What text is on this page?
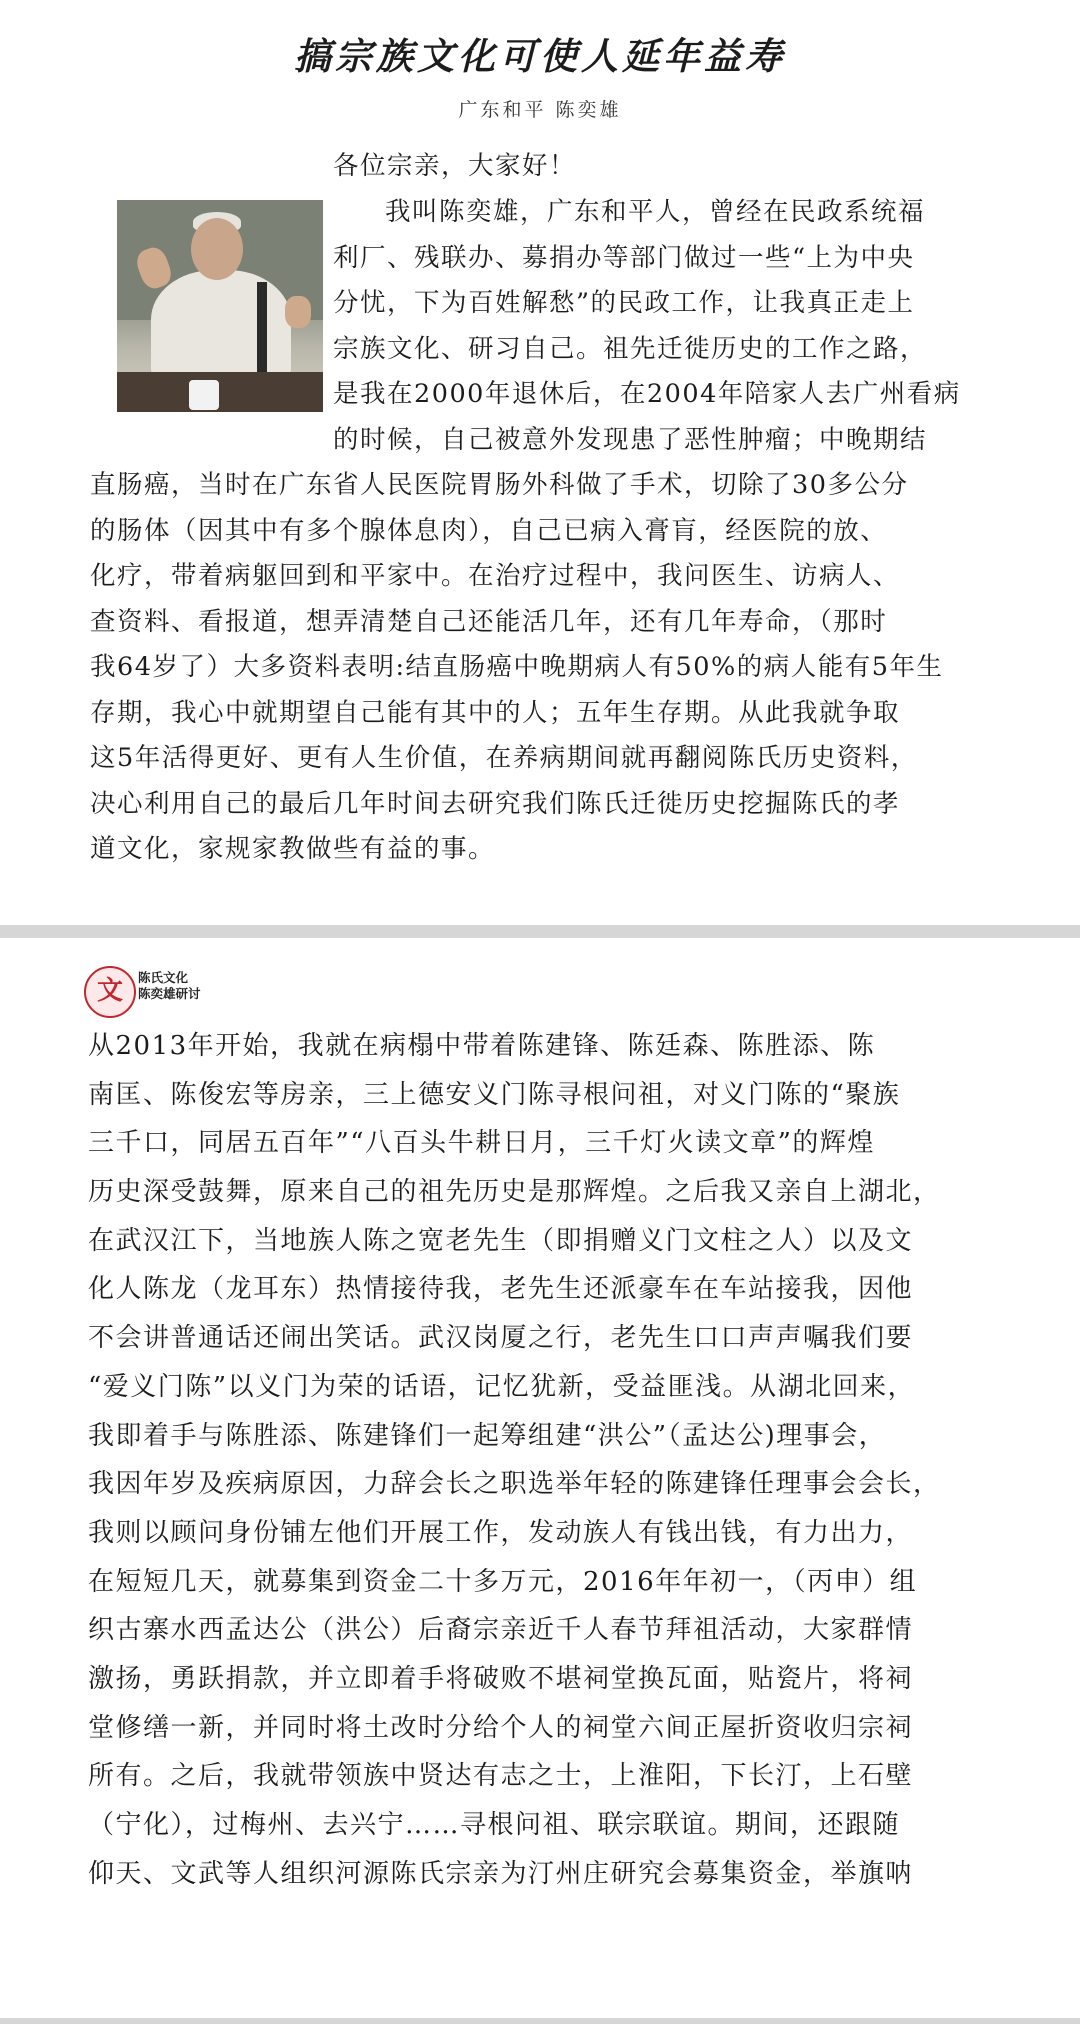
搞宗族文化可使人延年益寿
广东和平 陈奕雄
各位宗亲，大家好！
我叫陈奕雄，广东和平人，曾经在民政系统福
利厂、残联办、募捐办等部门做过一些“上为中央
分忧，下为百姓解愁”的民政工作，让我真正走上
宗族文化、研习自己。祖先迁徙历史的工作之路，
是我在2000年退休后，在2004年陪家人去广州看病
的时候，自己被意外发现患了恶性肿瘤；中晚期结
直肠癌，当时在广东省人民医院胃肠外科做了手术，切除了30多公分
的肠体（因其中有多个腺体息肉），自己已病入膏肓，经医院的放、
化疗，带着病躯回到和平家中。在治疗过程中，我问医生、访病人、
查资料、看报道，想弄清楚自己还能活几年，还有几年寿命，（那时
我64岁了）大多资料表明:结直肠癌中晚期病人有50%的病人能有5年生
存期，我心中就期望自己能有其中的人；五年生存期。从此我就争取
这5年活得更好、更有人生价值，在养病期间就再翻阅陈氏历史资料，
决心利用自己的最后几年时间去研究我们陈氏迁徙历史挖掘陈氏的孝
道文化，家规家教做些有益的事。
文	陈氏文化
陈奕雄研讨
从2013年开始，我就在病榻中带着陈建锋、陈廷森、陈胜添、陈
南匡、陈俊宏等房亲，三上德安义门陈寻根问祖，对义门陈的“聚族
三千口，同居五百年”“八百头牛耕日月，三千灯火读文章”的辉煌
历史深受鼓舞，原来自己的祖先历史是那辉煌。之后我又亲自上湖北，
在武汉江下，当地族人陈之宽老先生（即捐赠义门文柱之人）以及文
化人陈龙（龙耳东）热情接待我，老先生还派豪车在车站接我，因他
不会讲普通话还闹出笑话。武汉岗厦之行，老先生口口声声嘱我们要
“爱义门陈”以义门为荣的话语，记忆犹新，受益匪浅。从湖北回来，
我即着手与陈胜添、陈建锋们一起筹组建“洪公”（孟达公)理事会，
我因年岁及疾病原因，力辞会长之职选举年轻的陈建锋任理事会会长，
我则以顾问身份铺左他们开展工作，发动族人有钱出钱，有力出力，
在短短几天，就募集到资金二十多万元，2016年年初一，（丙申）组
织古寨水西孟达公（洪公）后裔宗亲近千人春节拜祖活动，大家群情
激扬，勇跃捐款，并立即着手将破败不堪祠堂换瓦面，贴瓷片，将祠
堂修缮一新，并同时将土改时分给个人的祠堂六间正屋折资收归宗祠
所有。之后，我就带领族中贤达有志之士，上淮阳，下长汀，上石壁
（宁化），过梅州、去兴宁……寻根问祖、联宗联谊。期间，还跟随
仰天、文武等人组织河源陈氏宗亲为汀州庄研究会募集资金，举旗呐
